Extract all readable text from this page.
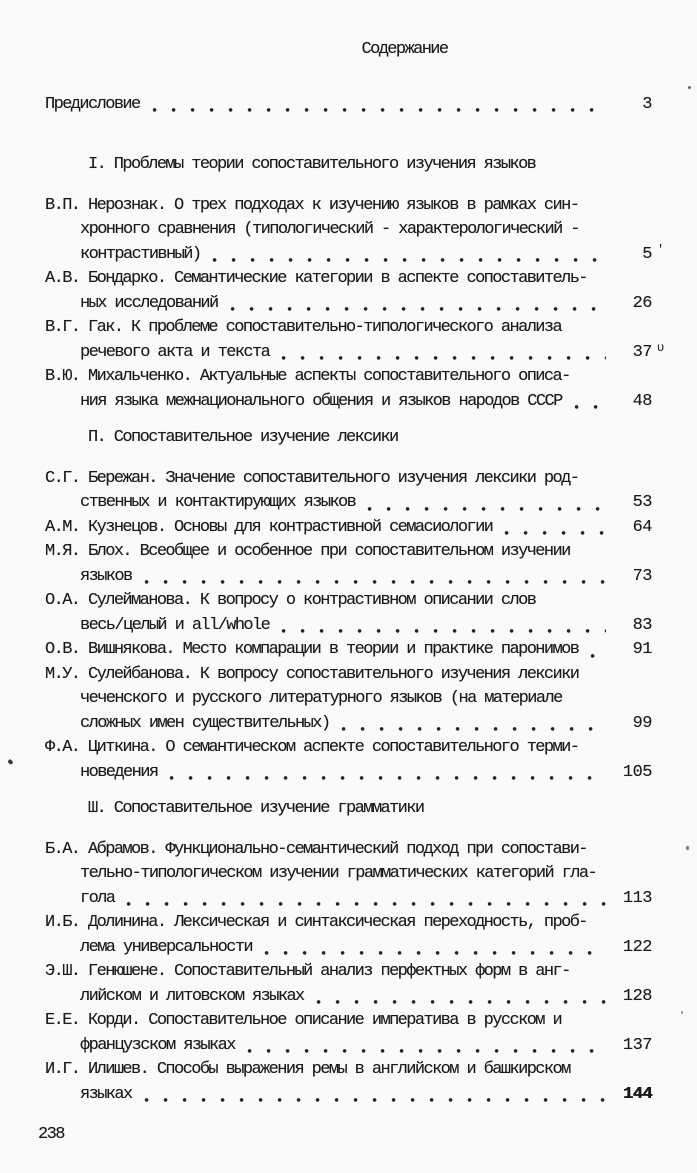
Содержание
Предисловие	3
I. Проблемы теории сопоставительного изучения языков
В.П. Нерознак. О трех подходах к изучению языков в рамках син-
хронного сравнения (типологический - характерологический -
контрастивный)	5 ′
А.В. Бондарко. Семантические категории в аспекте сопоставитель-
ных исследований	26
В.Г. Гак. К проблеме сопоставительно-типологического анализа
речевого акта и текста	37 ʋ
В.Ю. Михальченко. Актуальные аспекты сопоставительного описа-
ния языка межнационального общения и языков народов СССР	48
П. Сопоставительное изучение лексики
С.Г. Бережан. Значение сопоставительного изучения лексики род-
ственных и контактирующих языков	53
А.М. Кузнецов. Основы для контрастивной семасиологии	64
М.Я. Блох. Всеобщее и особенное при сопоставительном изучении
языков	73
О.А. Сулейманова. К вопросу о контрастивном описании слов
весь/целый и all/whole	83
О.В. Вишнякова. Место компарации в теории и практике паронимов	91
М.У. Сулейбанова. К вопросу сопоставительного изучения лексики
чеченского и русского литературного языков (на материале
сложных имен существительных)	99
Ф.А. Циткина. О семантическом аспекте сопоставительного терми-
новедения	105
Ш. Сопоставительное изучение грамматики
Б.А. Абрамов. Функционально-семантический подход при сопостави-
тельно-типологическом изучении грамматических категорий гла-
гола	113
И.Б. Долинина. Лексическая и синтаксическая переходность, проб-
лема универсальности	122
Э.Ш. Генюшене. Сопоставительный анализ перфектных форм в анг-
лийском и литовском языках	128
Е.Е. Корди. Сопоставительное описание императива в русском и
французском языках	137
И.Г. Илишев. Способы выражения ремы в английском и башкирском
языках	144
238
